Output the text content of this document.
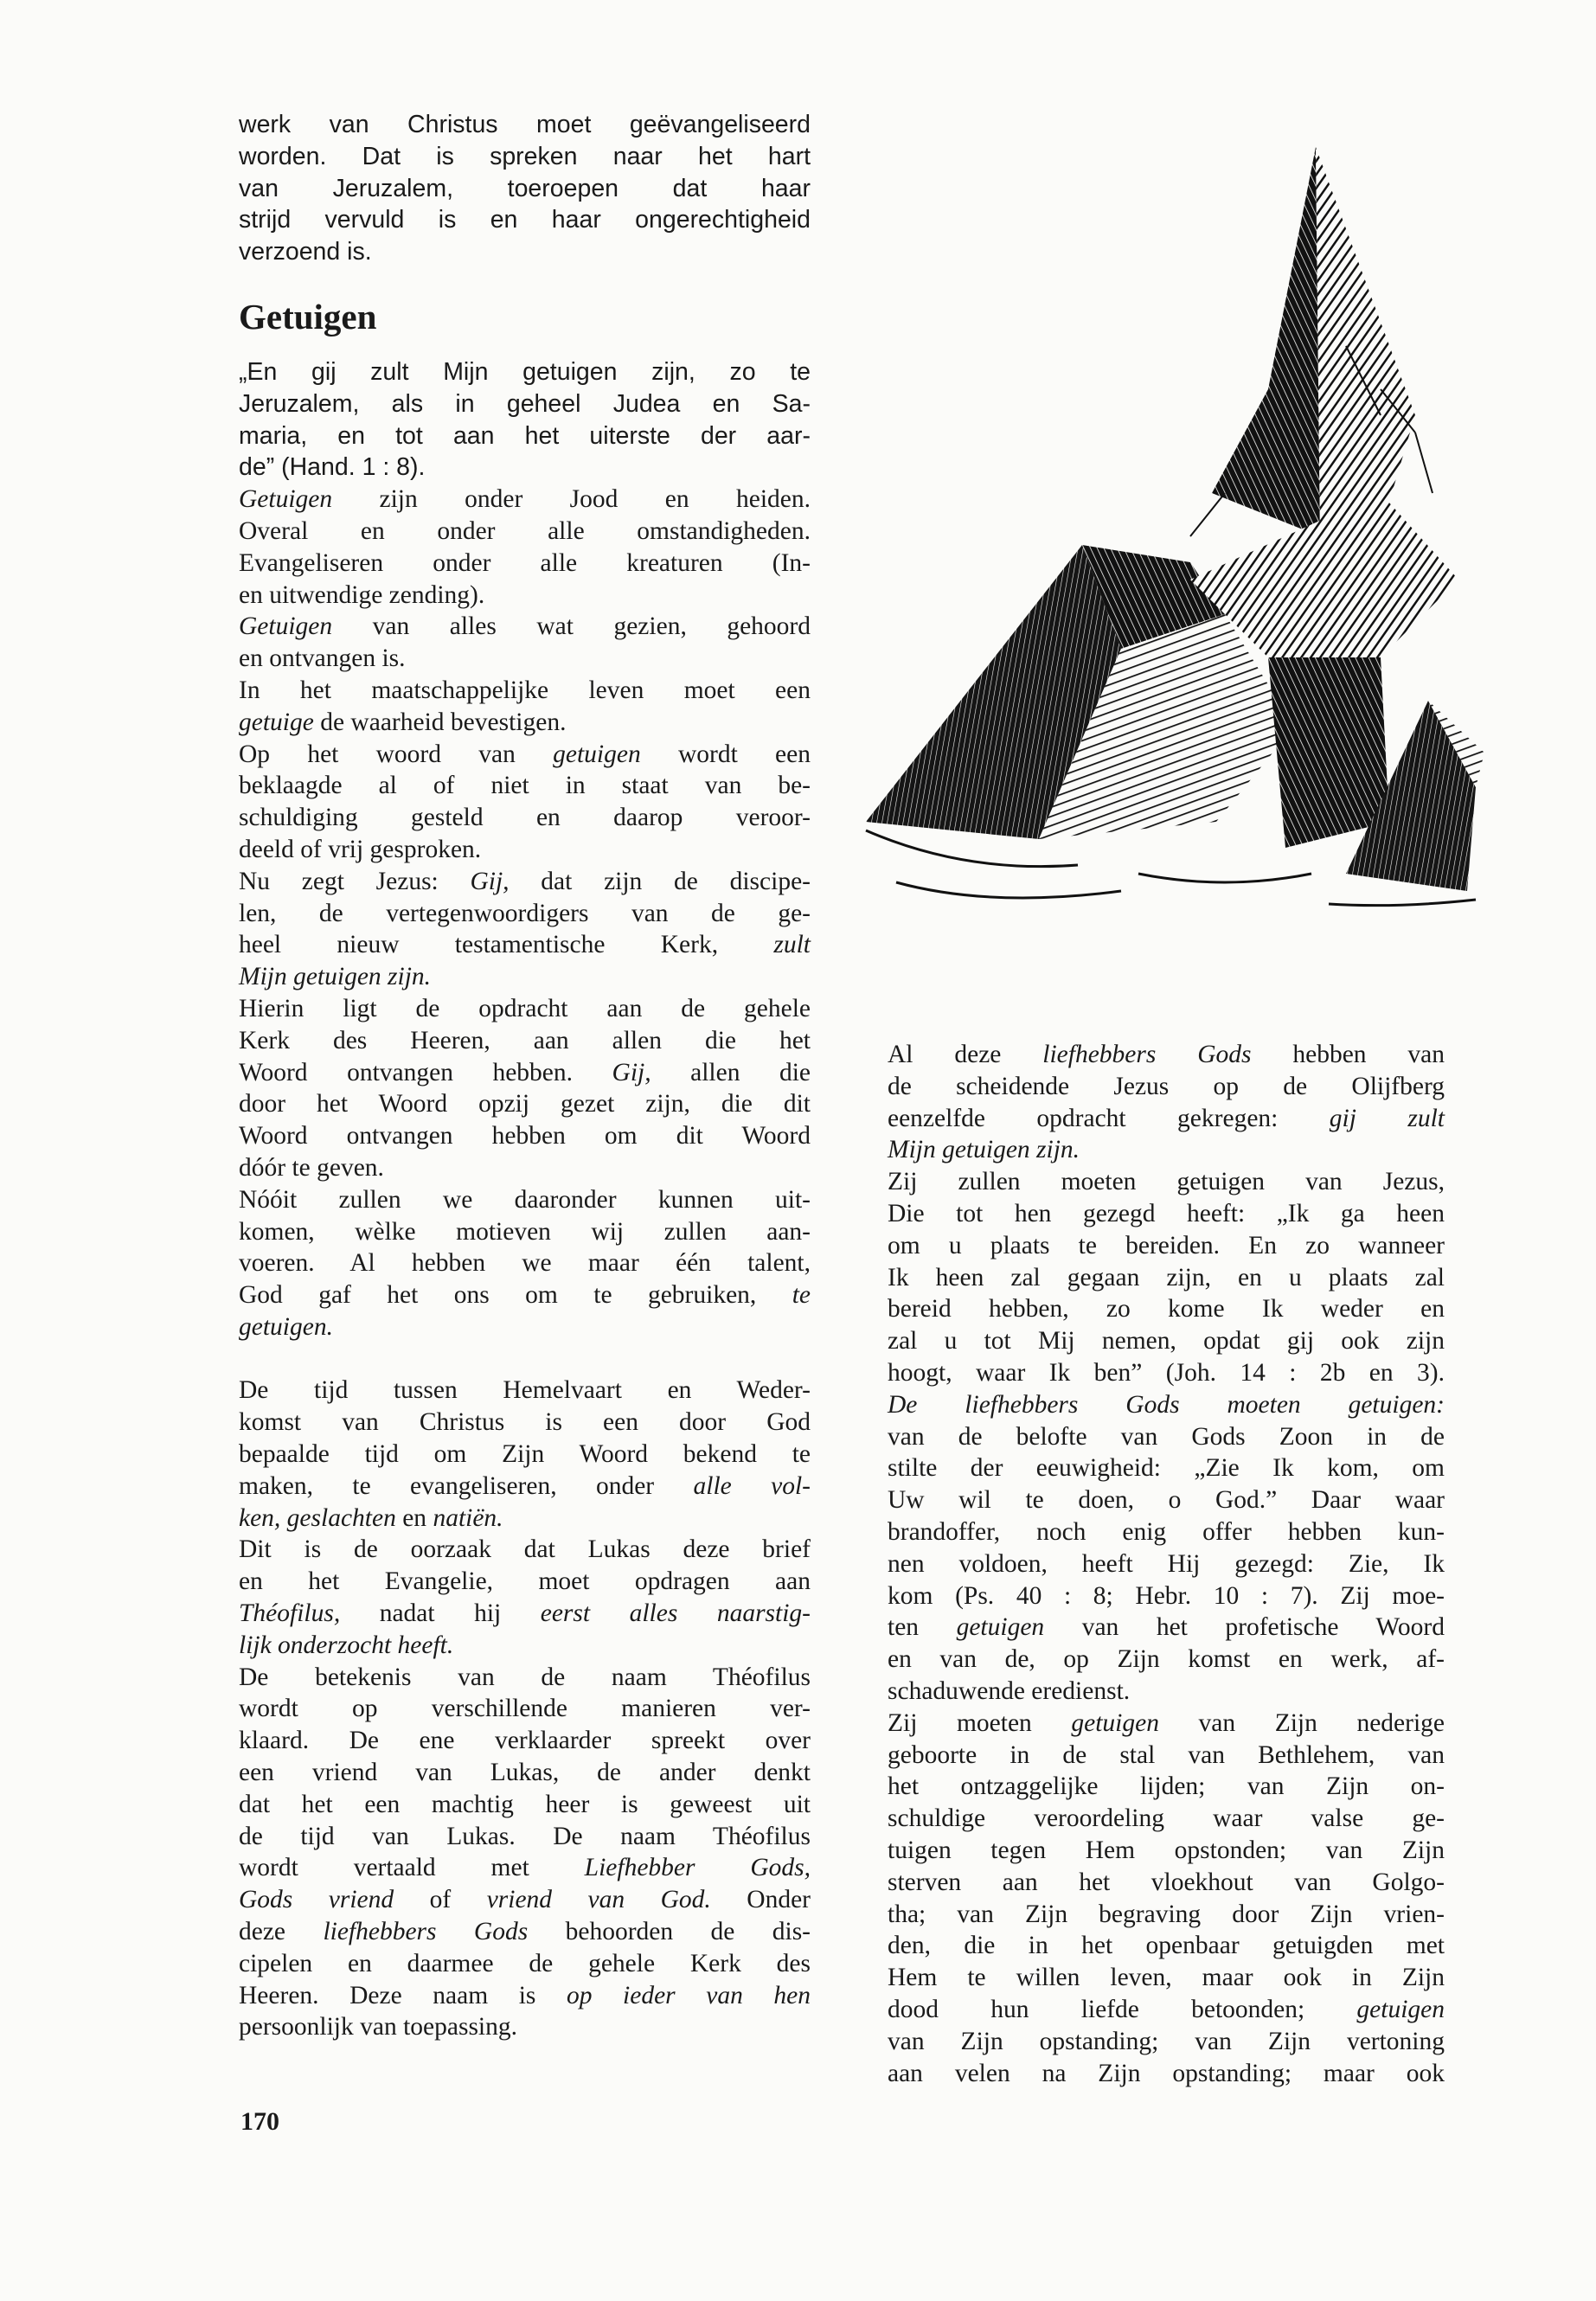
werk van Christus moet geëvangeliseerd
worden. Dat is spreken naar het hart
van Jeruzalem, toeroepen dat haar
strijd vervuld is en haar ongerechtigheid
verzoend is.
Getuigen
„En gij zult Mijn getuigen zijn, zo te
Jeruzalem, als in geheel Judea en Sa-
maria, en tot aan het uiterste der aar-
de” (Hand. 1 : 8).
Getuigen zijn onder Jood en heiden.
Overal en onder alle omstandigheden.
Evangeliseren onder alle kreaturen (In-
en uitwendige zending).
Getuigen van alles wat gezien, gehoord
en ontvangen is.
In het maatschappelijke leven moet een
getuige de waarheid bevestigen.
Op het woord van getuigen wordt een
beklaagde al of niet in staat van be-
schuldiging gesteld en daarop veroor-
deeld of vrij gesproken.
Nu zegt Jezus: Gij, dat zijn de discipe-
len, de vertegenwoordigers van de ge-
heel nieuw testamentische Kerk, zult
Mijn getuigen zijn.
Hierin ligt de opdracht aan de gehele
Kerk des Heeren, aan allen die het
Woord ontvangen hebben. Gij, allen die
door het Woord opzij gezet zijn, die dit
Woord ontvangen hebben om dit Woord
dóór te geven.
Nóóit zullen we daaronder kunnen uit-
komen, wèlke motieven wij zullen aan-
voeren. Al hebben we maar één talent,
God gaf het ons om te gebruiken, te
getuigen.
De tijd tussen Hemelvaart en Weder-
komst van Christus is een door God
bepaalde tijd om Zijn Woord bekend te
maken, te evangeliseren, onder alle vol-
ken, geslachten en natiën.
Dit is de oorzaak dat Lukas deze brief
en het Evangelie, moet opdragen aan
Théofilus, nadat hij eerst alles naarstig-
lijk onderzocht heeft.
De betekenis van de naam Théofilus
wordt op verschillende manieren ver-
klaard. De ene verklaarder spreekt over
een vriend van Lukas, de ander denkt
dat het een machtig heer is geweest uit
de tijd van Lukas. De naam Théofilus
wordt vertaald met Liefhebber Gods,
Gods vriend of vriend van God. Onder
deze liefhebbers Gods behoorden de dis-
cipelen en daarmee de gehele Kerk des
Heeren. Deze naam is op ieder van hen
persoonlijk van toepassing.
Al deze liefhebbers Gods hebben van
de scheidende Jezus op de Olijfberg
eenzelfde opdracht gekregen: gij zult
Mijn getuigen zijn.
Zij zullen moeten getuigen van Jezus,
Die tot hen gezegd heeft: „Ik ga heen
om u plaats te bereiden. En zo wanneer
Ik heen zal gegaan zijn, en u plaats zal
bereid hebben, zo kome Ik weder en
zal u tot Mij nemen, opdat gij ook zijn
hoogt, waar Ik ben” (Joh. 14 : 2b en 3).
De liefhebbers Gods moeten getuigen:
van de belofte van Gods Zoon in de
stilte der eeuwigheid: „Zie Ik kom, om
Uw wil te doen, o God.” Daar waar
brandoffer, noch enig offer hebben kun-
nen voldoen, heeft Hij gezegd: Zie, Ik
kom (Ps. 40 : 8; Hebr. 10 : 7). Zij moe-
ten getuigen van het profetische Woord
en van de, op Zijn komst en werk, af-
schaduwende eredienst.
Zij moeten getuigen van Zijn nederige
geboorte in de stal van Bethlehem, van
het ontzaggelijke lijden; van Zijn on-
schuldige veroordeling waar valse ge-
tuigen tegen Hem opstonden; van Zijn
sterven aan het vloekhout van Golgo-
tha; van Zijn begraving door Zijn vrien-
den, die in het openbaar getuigden met
Hem te willen leven, maar ook in Zijn
dood hun liefde betoonden; getuigen
van Zijn opstanding; van Zijn vertoning
aan velen na Zijn opstanding; maar ook
170
